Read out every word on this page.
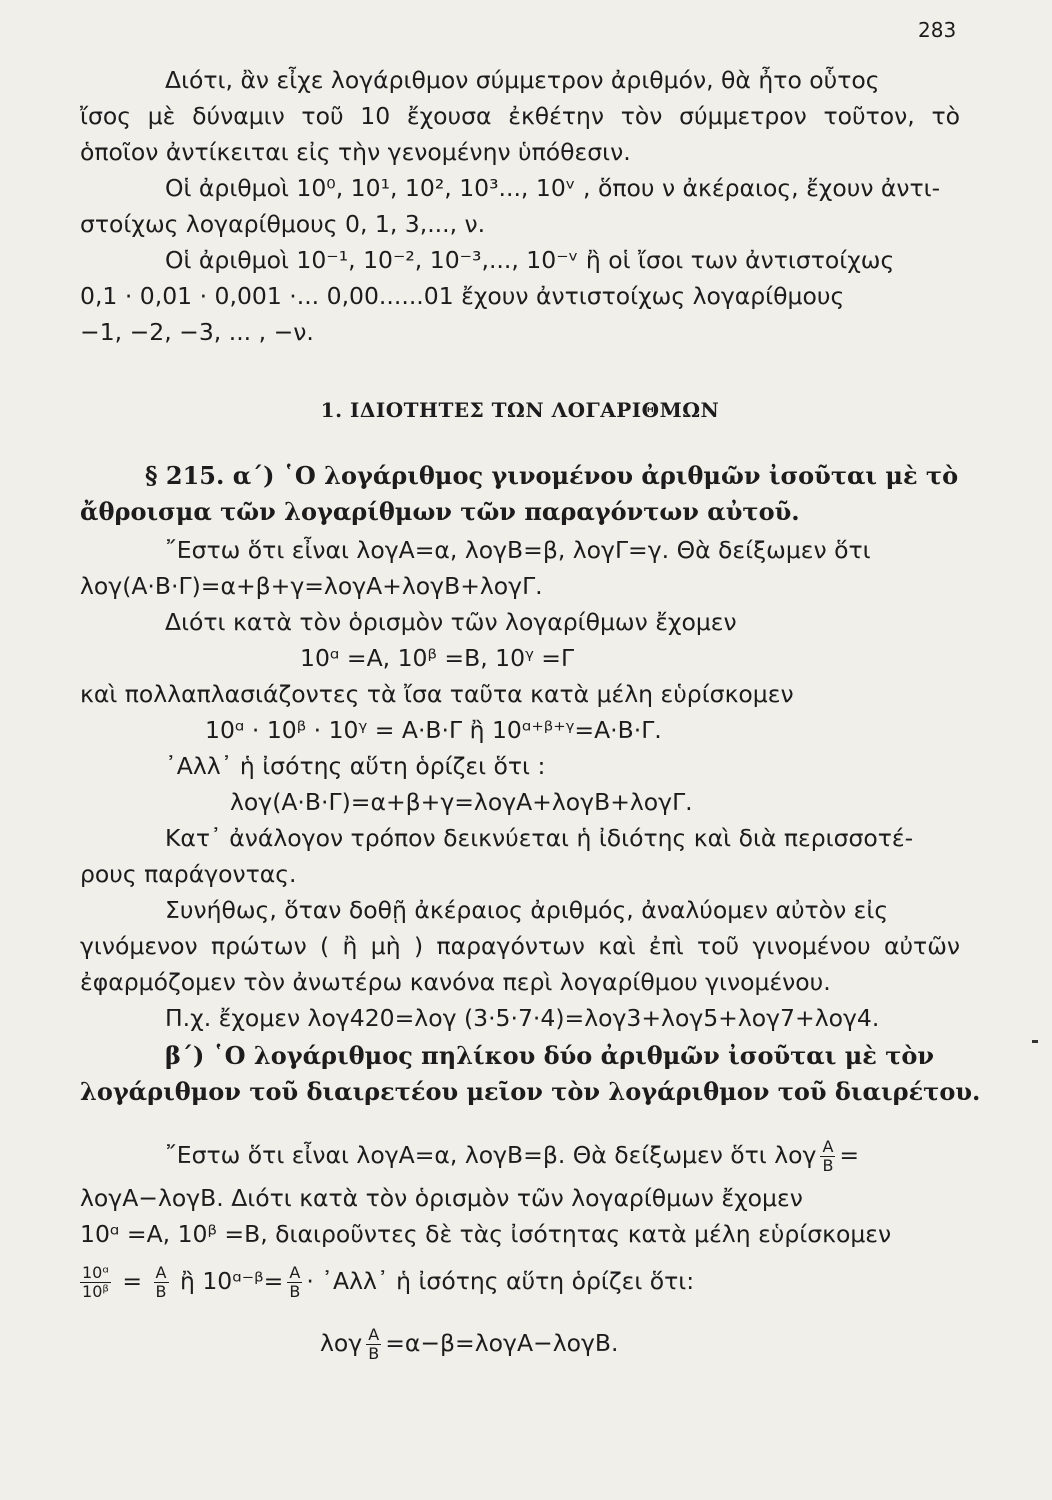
283

Διότι, ἂν εἶχε λογάριθμον σύμμετρον ἀριθμόν, θὰ ἦτο οὗτος

ἴσος μὲ δύναμιν τοῦ 10 ἔχουσα ἐκθέτην τὸν σύμμετρον τοῦτον, τὸ

ὁποῖον ἀντίκειται εἰς τὴν γενομένην ὑπόθεσιν.

Οἱ ἀριθμοὶ 10⁰, 10¹, 10², 10³..., 10ᵛ , ὅπου ν ἀκέραιος, ἔχουν ἀντι-

στοίχως λογαρίθμους 0, 1, 3,..., ν.

Οἱ ἀριθμοὶ 10⁻¹, 10⁻², 10⁻³,..., 10⁻ᵛ ἢ οἱ ἴσοι των ἀντιστοίχως

0,1 · 0,01 · 0,001 ·... 0,00......01 ἔχουν ἀντιστοίχως λογαρίθμους

−1, −2, −3, ... , −ν.

1. ΙΔΙΟΤΗΤΕΣ ΤΩΝ ΛΟΓΑΡΙΘΜΩΝ

§ 215. α΄) ῾Ο λογάριθμος γινομένου ἀριθμῶν ἰσοῦται μὲ τὸ

ἄθροισμα τῶν λογαρίθμων τῶν παραγόντων αὐτοῦ.

῎Εστω ὅτι εἶναι λογΑ=α, λογΒ=β, λογΓ=γ. Θὰ δείξωμεν ὅτι

λογ(Α·Β·Γ)=α+β+γ=λογΑ+λογΒ+λογΓ.

Διότι κατὰ τὸν ὁρισμὸν τῶν λογαρίθμων ἔχομεν

10ᵅ =Α, 10ᵝ =Β, 10ᵞ =Γ

καὶ πολλαπλασιάζοντες τὰ ἴσα ταῦτα κατὰ μέλη εὑρίσκομεν

10ᵅ · 10ᵝ · 10ᵞ = Α·Β·Γ ἢ 10ᵅ⁺ᵝ⁺ᵞ=Α·Β·Γ.

᾿Αλλ᾿ ἡ ἰσότης αὕτη ὁρίζει ὅτι :

λογ(Α·Β·Γ)=α+β+γ=λογΑ+λογΒ+λογΓ.

Κατ᾿ ἀνάλογον τρόπον δεικνύεται ἡ ἰδιότης καὶ διὰ περισσοτέ-

ρους παράγοντας.

Συνήθως, ὅταν δοθῇ ἀκέραιος ἀριθμός, ἀναλύομεν αὐτὸν εἰς

γινόμενον πρώτων ( ἢ μὴ ) παραγόντων καὶ ἐπὶ τοῦ γινομένου αὐτῶν

ἐφαρμόζομεν τὸν ἀνωτέρω κανόνα περὶ λογαρίθμου γινομένου.

Π.χ. ἔχομεν λογ420=λογ (3·5·7·4)=λογ3+λογ5+λογ7+λογ4.

β΄) ῾Ο λογάριθμος πηλίκου δύο ἀριθμῶν ἰσοῦται μὲ τὸν

λογάριθμον τοῦ διαιρετέου μεῖον τὸν λογάριθμον τοῦ διαιρέτου.

῎Εστω ὅτι εἶναι λογΑ=α, λογΒ=β. Θὰ δείξωμεν ὅτι λογ $\frac{A}{B}$ =

λογΑ−λογΒ. Διότι κατὰ τὸν ὁρισμὸν τῶν λογαρίθμων ἔχομεν

10ᵅ =Α, 10ᵝ =Β, διαιροῦντες δὲ τὰς ἰσότητας κατὰ μέλη εὑρίσκομεν

$\frac{\text{10ᵅ}}{\text{10ᵝ}} = \frac{A}{B}$ ἢ 10ᵅ⁻ᵝ= $\frac{A}{B}$ · ᾿Αλλ᾿ ἡ ἰσότης αὕτη ὁρίζει ὅτι:

λογ $\frac{A}{B} =\alpha-\beta=\lambda o\gamma A-\lambda o\gamma B$.
